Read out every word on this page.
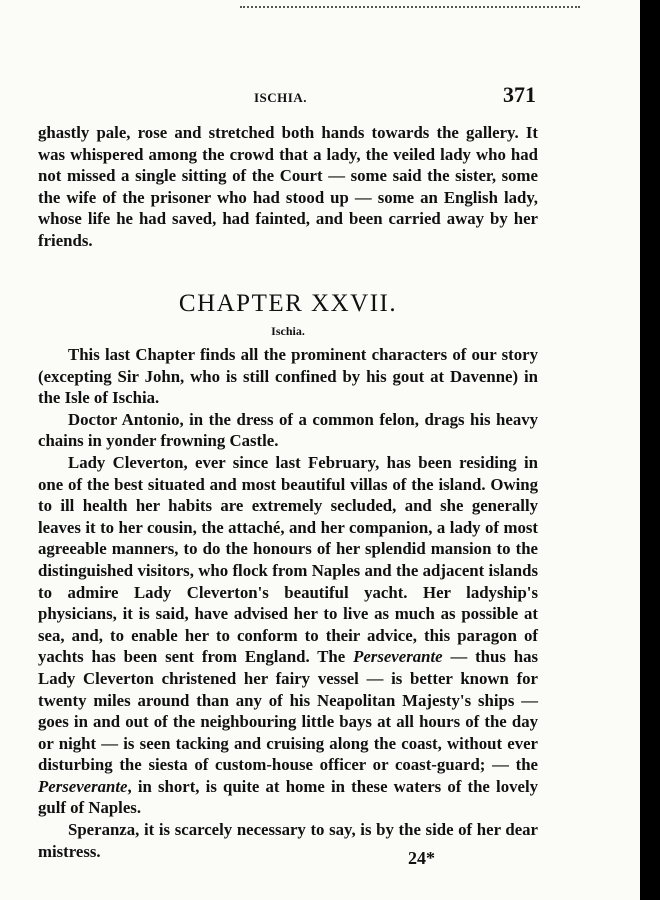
ISCHIA.	371

ghastly pale, rose and stretched both hands towards the gallery. It was whispered among the crowd that a lady, the veiled lady who had not missed a single sitting of the Court — some said the sister, some the wife of the prisoner who had stood up — some an English lady, whose life he had saved, had fainted, and been carried away by her friends.

CHAPTER XXVII.
Ischia.

This last Chapter finds all the prominent characters of our story (excepting Sir John, who is still confined by his gout at Davenne) in the Isle of Ischia.

Doctor Antonio, in the dress of a common felon, drags his heavy chains in yonder frowning Castle.

Lady Cleverton, ever since last February, has been residing in one of the best situated and most beautiful villas of the island. Owing to ill health her habits are extremely secluded, and she generally leaves it to her cousin, the attaché, and her companion, a lady of most agreeable manners, to do the honours of her splendid mansion to the distinguished visitors, who flock from Naples and the adjacent islands to admire Lady Cleverton's beautiful yacht. Her ladyship's physicians, it is said, have advised her to live as much as possible at sea, and, to enable her to conform to their advice, this paragon of yachts has been sent from England. The Perseverante — thus has Lady Cleverton christened her fairy vessel — is better known for twenty miles around than any of his Neapolitan Majesty's ships — goes in and out of the neighbouring little bays at all hours of the day or night — is seen tacking and cruising along the coast, without ever disturbing the siesta of custom-house officer or coast-guard; — the Perseverante, in short, is quite at home in these waters of the lovely gulf of Naples.

Speranza, it is scarcely necessary to say, is by the side of her dear mistress.	24*
